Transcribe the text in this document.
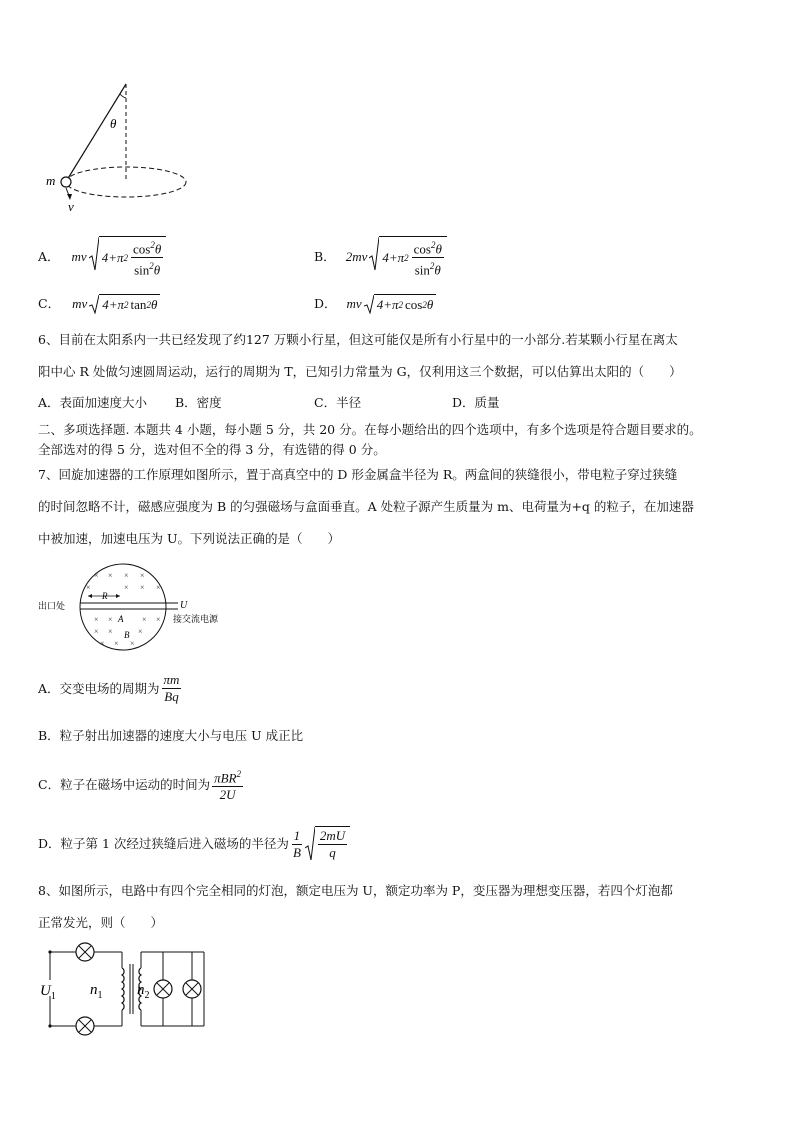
θ
m
v
A． mv 4+π $2 \frac{\cos^2\theta}{\sin^2\theta}$	B． 2mv 4+π $2 \frac{\cos^2\theta}{\sin^2\theta}$
C． mv 4+π 2 tan 2 θ	D． mv 4+π 2 cos 2 θ
6、目前在太阳系内一共已经发现了约127 万颗小行星，但这可能仅是所有小行星中的一小部分.若某颗小行星在离太
阳中心 R 处做匀速圆周运动，运行的周期为 T，已知引力常量为 G，仅利用这三个数据，可以估算出太阳的（　　）
A．表面加速度大小 B．密度	C．半径	D．质量
二、多项选择题. 本题共 4 小题，每小题 5 分，共 20 分。在每小题给出的四个选项中，有多个选项是符合题目要求的。
全部选对的得 5 分，选对但不全的得 3 分，有选错的得 0 分。
7、回旋加速器的工作原理如图所示，置于高真空中的 D 形金属盒半径为 R。两盒间的狭缝很小，带电粒子穿过狭缝
的时间忽略不计，磁感应强度为 B 的匀强磁场与盒面垂直。A 处粒子源产生质量为 m、电荷量为+q 的粒子，在加速器
中被加速，加速电压为 U。下列说法正确的是（　　）
× × × ×
×	× × ×
× ×	× ×
× ×	×
× × ×
R
A
B
出口处	U
接交流电源
A．交变电场的周期为 $\frac{\pi m}{Bq}$
B．粒子射出加速器的速度大小与电压 U 成正比
C．粒子在磁场中运动的时间为 $\frac{\pi BR^2}{2U}$
D．粒子第 1 次经过狭缝后进入磁场的半径为 $\frac{1}{B} \frac{2mU}{q}$
8、如图所示，电路中有四个完全相同的灯泡，额定电压为 U，额定功率为 P，变压器为理想变压器，若四个灯泡都
正常发光，则（　　）
$U_1$ $n_1$ $n_2$
